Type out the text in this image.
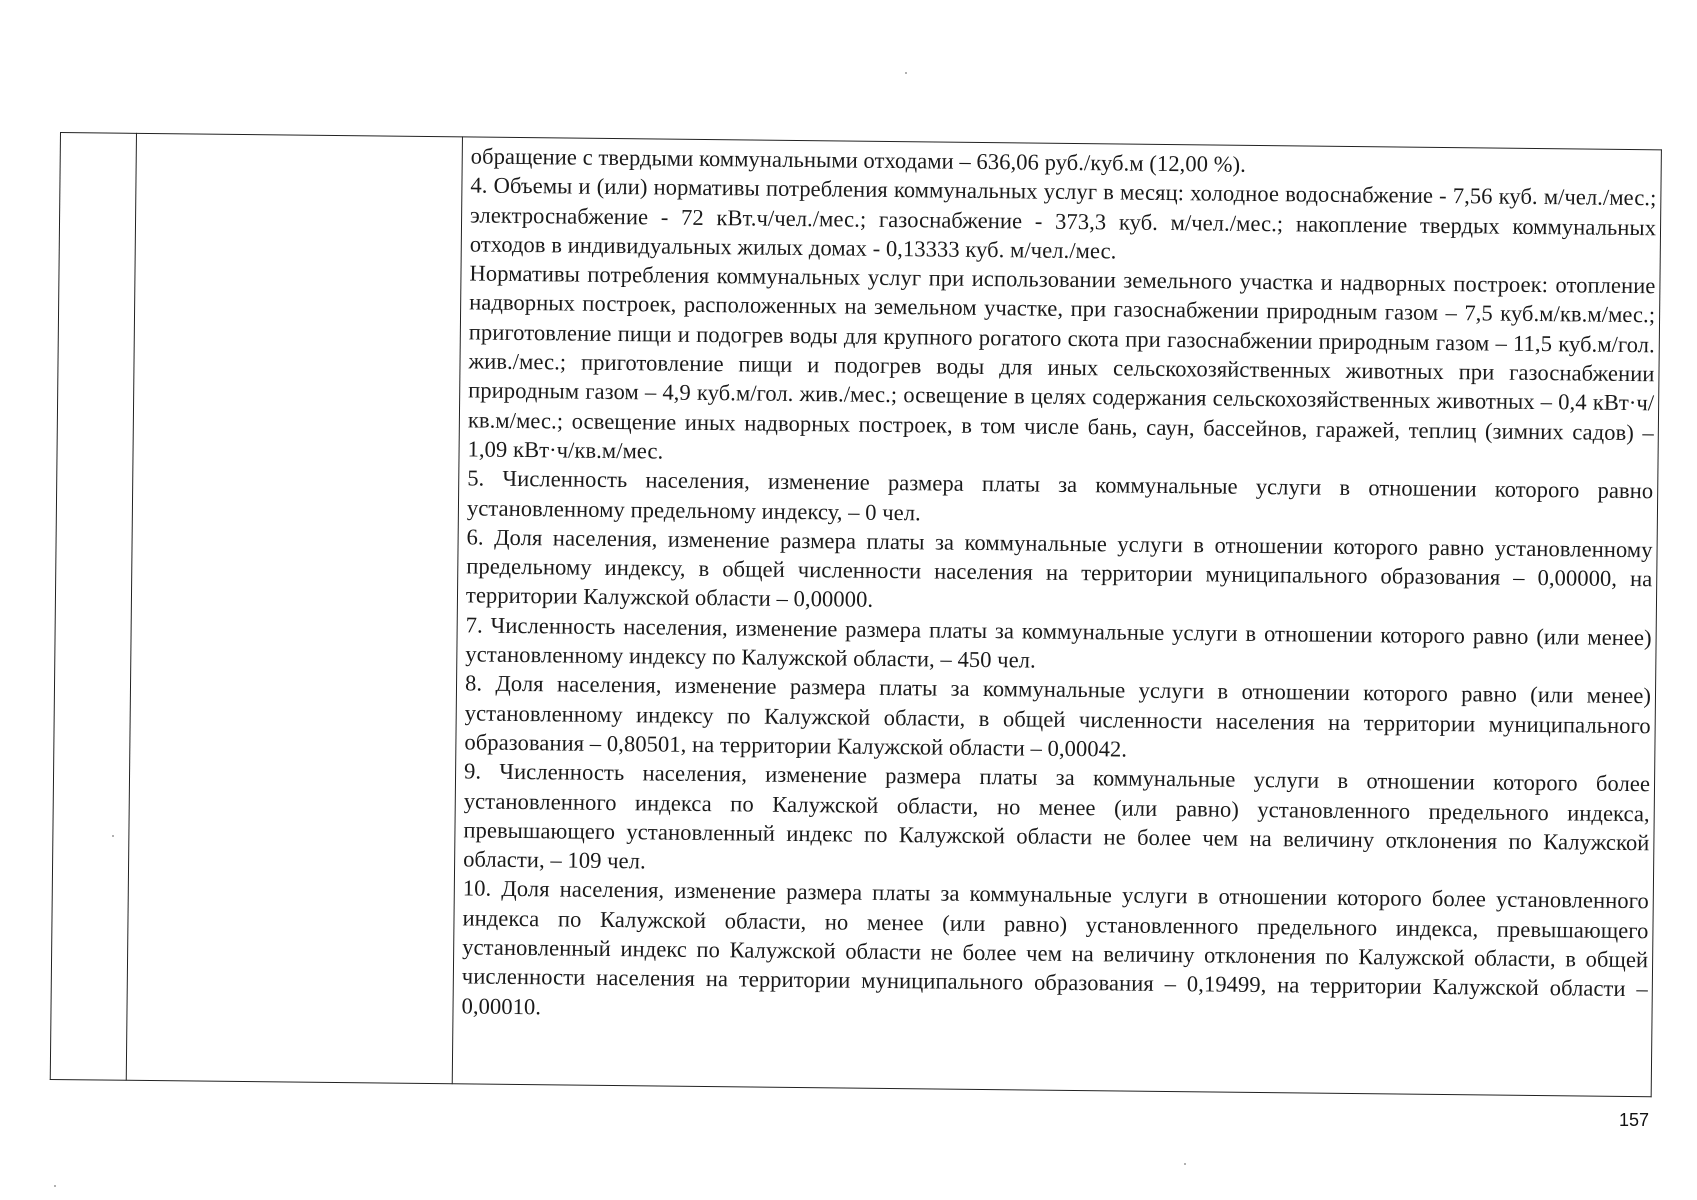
обращение с твердыми коммунальными отходами – 636,06 руб./куб.м (12,00 %).

4. Объемы и (или) нормативы потребления коммунальных услуг в месяц: холодное водоснабжение - 7,56 куб. м/чел./мес.; электроснабжение - 72 кВт.ч/чел./мес.; газоснабжение - 373,3 куб. м/чел./мес.; накопление твердых коммунальных отходов в индивидуальных жилых домах - 0,13333 куб. м/чел./мес.

Нормативы потребления коммунальных услуг при использовании земельного участка и надворных построек: отопление надворных построек, расположенных на земельном участке, при газоснабжении природным газом – 7,5 куб.м/кв.м/мес.; приготовление пищи и подогрев воды для крупного рогатого скота при газоснабжении природным газом – 11,5 куб.м/гол. жив./мес.; приготовление пищи и подогрев воды для иных сельскохозяйственных животных при газоснабжении природным газом – 4,9 куб.м/гол. жив./мес.; освещение в целях содержания сельскохозяйственных животных – 0,4 кВт·ч/кв.м/мес.; освещение иных надворных построек, в том числе бань, саун, бассейнов, гаражей, теплиц (зимних садов) – 1,09 кВт·ч/кв.м/мес.

5. Численность населения, изменение размера платы за коммунальные услуги в отношении которого равно установленному предельному индексу, – 0 чел.

6. Доля населения, изменение размера платы за коммунальные услуги в отношении которого равно установленному предельному индексу, в общей численности населения на территории муниципального образования – 0,00000, на территории Калужской области – 0,00000.

7. Численность населения, изменение размера платы за коммунальные услуги в отношении которого равно (или менее) установленному индексу по Калужской области, – 450 чел.

8. Доля населения, изменение размера платы за коммунальные услуги в отношении которого равно (или менее) установленному индексу по Калужской области, в общей численности населения на территории муниципального образования – 0,80501, на территории Калужской области – 0,00042.

9. Численность населения, изменение размера платы за коммунальные услуги в отношении которого более установленного индекса по Калужской области, но менее (или равно) установленного предельного индекса, превышающего установленный индекс по Калужской области не более чем на величину отклонения по Калужской области, – 109 чел.

10. Доля населения, изменение размера платы за коммунальные услуги в отношении которого более установленного индекса по Калужской области, но менее (или равно) установленного предельного индекса, превышающего установленный индекс по Калужской области не более чем на величину отклонения по Калужской области, в общей численности населения на территории муниципального образования – 0,19499, на территории Калужской области – 0,00010.

157
